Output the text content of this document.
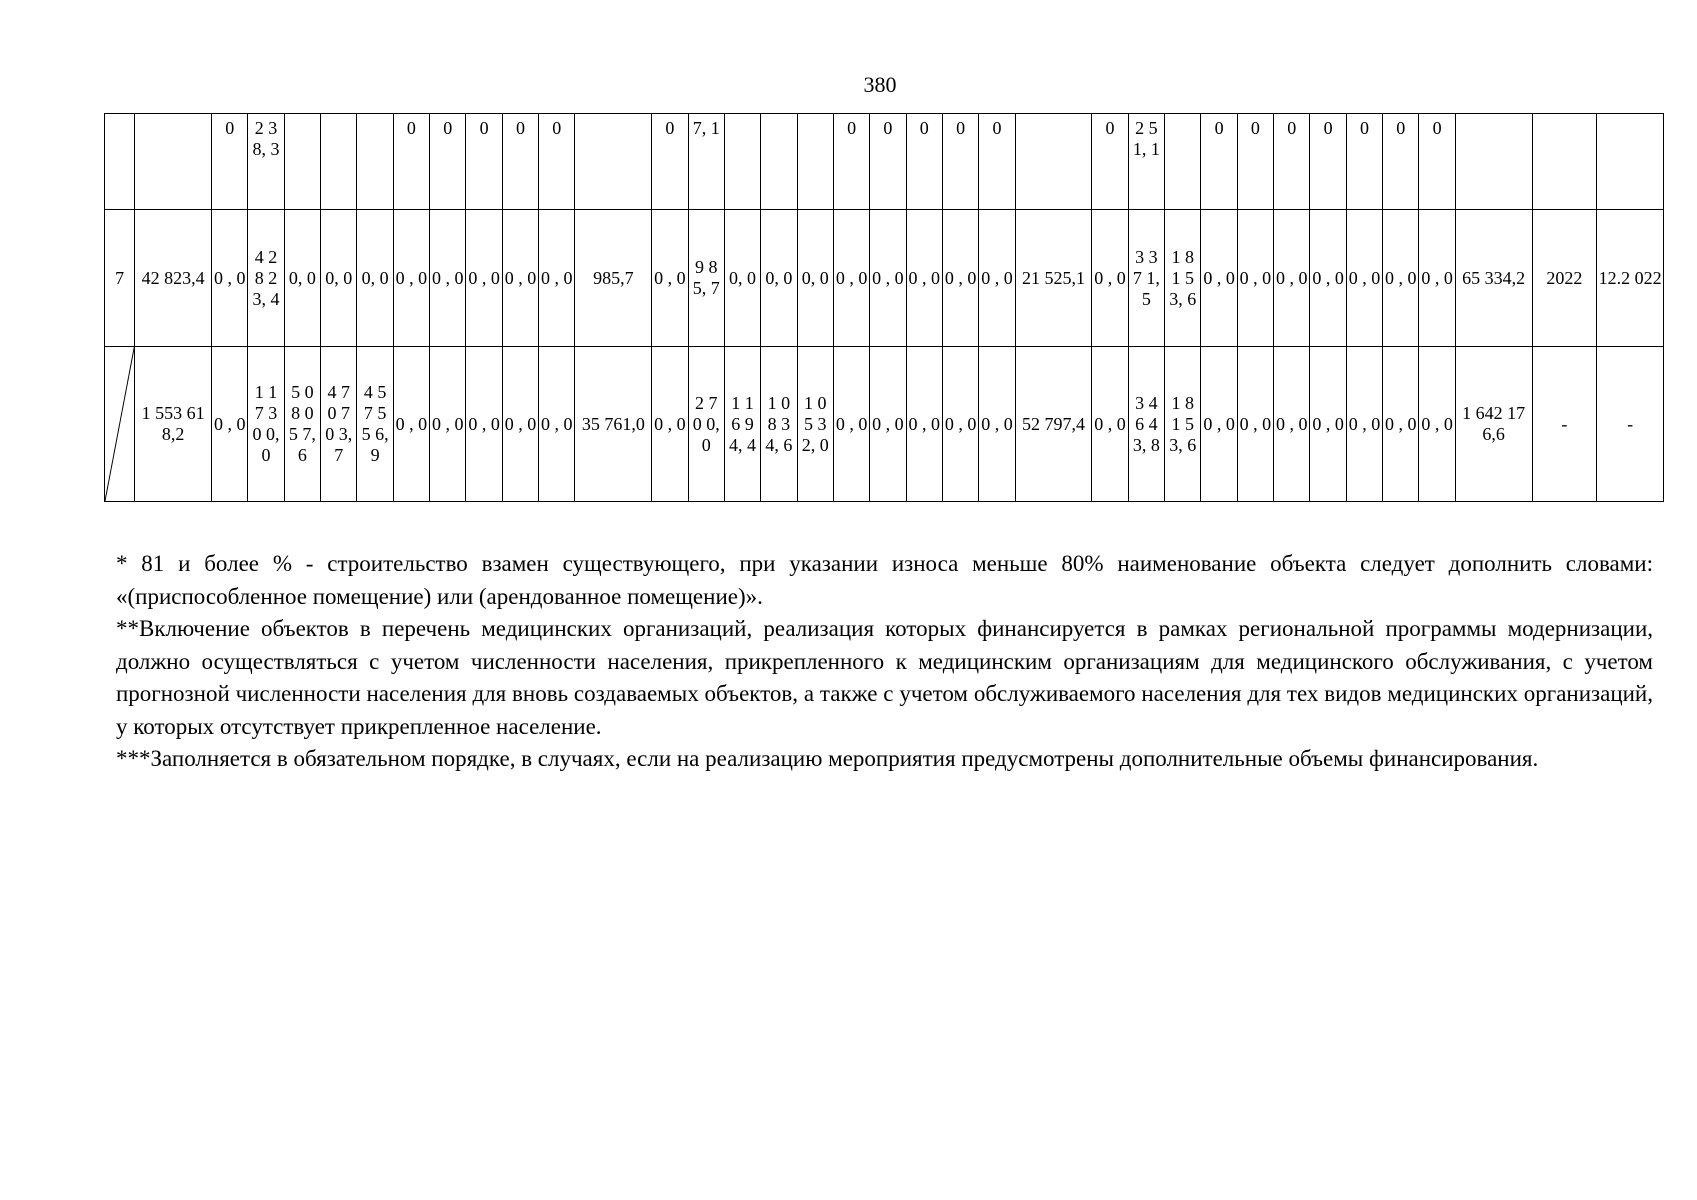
380
		0	2 3 8, 3				0	0	0	0	0		0	7, 1				0	0	0	0	0		0	2 5 1, 1		0	0	0	0	0	0	0			
7	42 823,4	0 , 0	4 2 8 2 3, 4	0, 0	0, 0	0, 0	0 , 0	0 , 0	0 , 0	0 , 0	0 , 0	985,7	0 , 0	9 8 5, 7	0, 0	0, 0	0, 0	0 , 0	0 , 0	0 , 0	0 , 0	0 , 0	21 525,1	0 , 0	3 3 7 1, 5	1 8 1 5 3, 6	0 , 0	0 , 0	0 , 0	0 , 0	0 , 0	0 , 0	0 , 0	65 334,2	2022	12.2 022

	1 553 618,2	0 , 0	1 1 7 3 0 0, 0	5 0 8 0 5 7, 6	4 7 0 7 0 3, 7	4 5 7 5 5 6, 9	0 , 0	0 , 0	0 , 0	0 , 0	0 , 0	35 761,0	0 , 0	2 7 0 0, 0	1 1 6 9 4, 4	1 0 8 3 4, 6	1 0 5 3 2, 0	0 , 0	0 , 0	0 , 0	0 , 0	0 , 0	52 797,4	0 , 0	3 4 6 4 3, 8	1 8 1 5 3, 6	0 , 0	0 , 0	0 , 0	0 , 0	0 , 0	0 , 0	0 , 0	1 642 176,6	-	-

* 81 и более % - строительство взамен существующего, при указании износа меньше 80% наименование объекта следует дополнить словами: «(приспособленное помещение) или (арендованное помещение)».

**Включение объектов в перечень медицинских организаций, реализация которых финансируется в рамках региональной программы модернизации, должно осуществляться с учетом численности населения, прикрепленного к медицинским организациям для медицинского обслуживания, с учетом прогнозной численности населения для вновь создаваемых объектов, а также с учетом обслуживаемого населения для тех видов медицинских организаций, у которых отсутствует прикрепленное население.

***Заполняется в обязательном порядке, в случаях, если на реализацию мероприятия предусмотрены дополнительные объемы финансирования.
